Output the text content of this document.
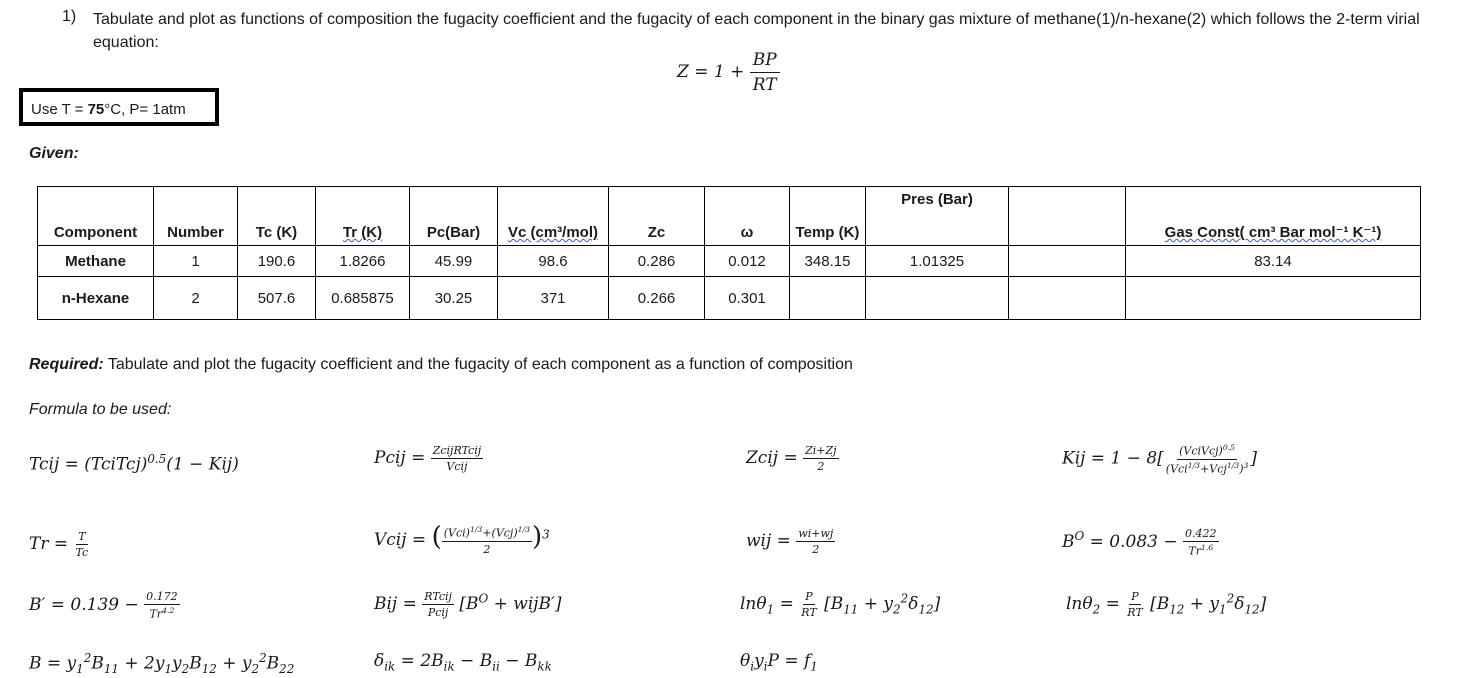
1) Tabulate and plot as functions of composition the fugacity coefficient and the fugacity of each component in the binary gas mixture of methane(1)/n-hexane(2) which follows the 2-term virial equation:
$Z = 1 + \frac{BP}{RT}$
Use T = 75°C, P= 1atm
Given:
Component	Number	Tc (K)	Tr (K)	Pc(Bar)	Vc (cm³/mol)	Zc	ω	Temp (K)	Pres (Bar)		Gas Const( cm³ Bar mol⁻¹ K⁻¹)
Methane	1	190.6	1.8266	45.99	98.6	0.286	0.012	348.15	1.01325		83.14
n-Hexane	2	507.6	0.685875	30.25	371	0.266	0.301				
Required: Tabulate and plot the fugacity coefficient and the fugacity of each component as a function of composition
Formula to be used:
Tcij = (TciTcj)$^{0.5}$(1 − Kij)	Pcij = $\frac{\text{ZcijRTcij}}{\text{Vcij}}$	Zcij = $\frac{Zi+Zj}{2}$	Kij = $1 - 8[ \frac{(VciVcj)^{0.5}}{(Vci^{1/3}+Vcj^{1/3})^3}$ ]
$Tr = \frac{T}{Tc}$	Vcij = ( $\frac{(Vci)^{1/3}+(Vcj)^{1/3}}{2} )^3$	wij = $\frac{wi+wj}{2}$	$B^O = 0.083 - \frac{0.422}{Tr^{1.6}}$
$B' = 0.139 - \frac{0.172}{Tr^{4.2}}$	Bij = $\frac{\text{RTcij}}{\text{Pcij}} [B^O$ + wijB′]	$\ln\theta_1 = \frac{P}{RT} [B_{11} + y_2^2\delta_{12}]$	$\ln\theta_2 = \frac{P}{RT} [B_{12} + y_1^2\delta_{12}]$
$B = y_1^2B_{11} + 2y_1y_2B_{12} + y_2^2B_{22}$	$\delta_{ik} = 2B_{ik} - B_{ii} - B_{kk}$	$\theta_iy_iP = f_1$
